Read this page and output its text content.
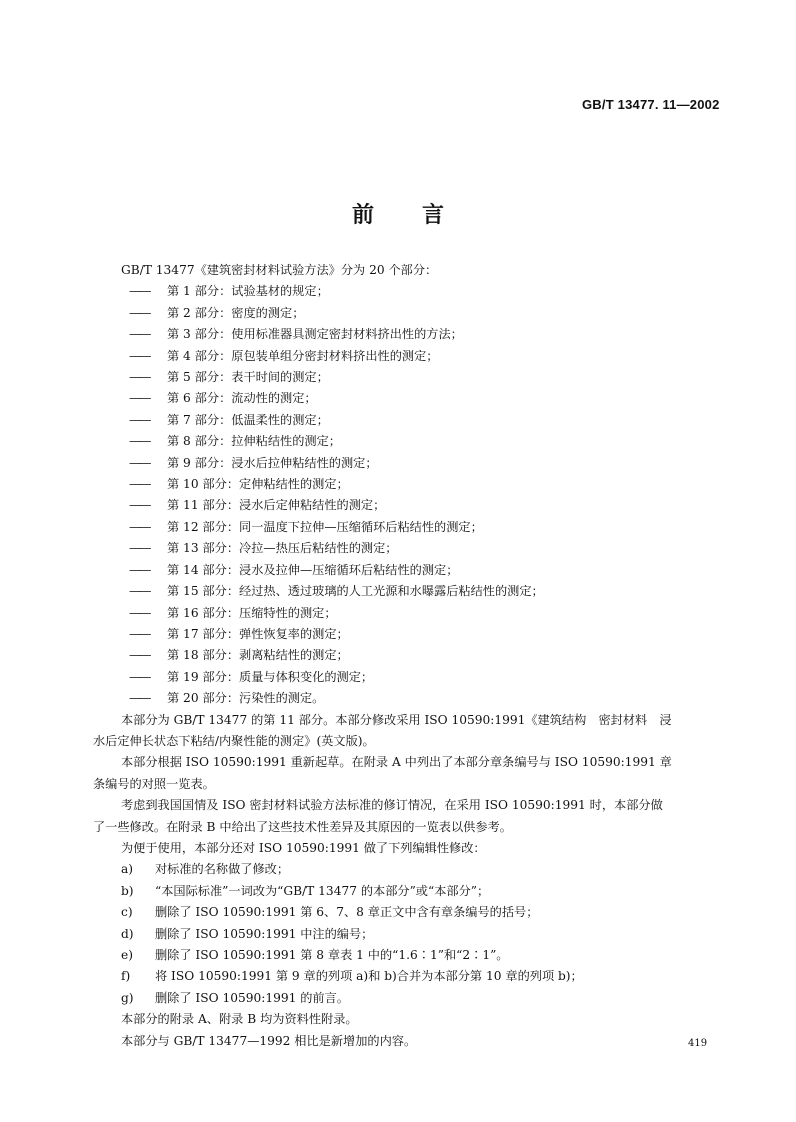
GB/T 13477. 11—2002
前 言
GB/T 13477《建筑密封材料试验方法》分为 20 个部分：
—— 第 1 部分：试验基材的规定；
—— 第 2 部分：密度的测定；
—— 第 3 部分：使用标准器具测定密封材料挤出性的方法；
—— 第 4 部分：原包装单组分密封材料挤出性的测定；
—— 第 5 部分：表干时间的测定；
—— 第 6 部分：流动性的测定；
—— 第 7 部分：低温柔性的测定；
—— 第 8 部分：拉伸粘结性的测定；
—— 第 9 部分：浸水后拉伸粘结性的测定；
—— 第 10 部分：定伸粘结性的测定；
—— 第 11 部分：浸水后定伸粘结性的测定；
—— 第 12 部分：同一温度下拉伸—压缩循环后粘结性的测定；
—— 第 13 部分：冷拉—热压后粘结性的测定；
—— 第 14 部分：浸水及拉伸—压缩循环后粘结性的测定；
—— 第 15 部分：经过热、透过玻璃的人工光源和水曝露后粘结性的测定；
—— 第 16 部分：压缩特性的测定；
—— 第 17 部分：弹性恢复率的测定；
—— 第 18 部分：剥离粘结性的测定；
—— 第 19 部分：质量与体积变化的测定；
—— 第 20 部分：污染性的测定。
本部分为 GB/T 13477 的第 11 部分。本部分修改采用 ISO 10590:1991《建筑结构　密封材料　浸
水后定伸长状态下粘结/内聚性能的测定》(英文版)。
本部分根据 ISO 10590:1991 重新起草。在附录 A 中列出了本部分章条编号与 ISO 10590:1991 章
条编号的对照一览表。
考虑到我国国情及 ISO 密封材料试验方法标准的修订情况，在采用 ISO 10590:1991 时，本部分做
了一些修改。在附录 B 中给出了这些技术性差异及其原因的一览表以供参考。
为便于使用，本部分还对 ISO 10590:1991 做了下列编辑性修改：
a) 对标准的名称做了修改；
b) “本国际标准”一词改为“GB/T 13477 的本部分”或“本部分”；
c) 删除了 ISO 10590:1991 第 6、7、8 章正文中含有章条编号的括号；
d) 删除了 ISO 10590:1991 中注的编号；
e) 删除了 ISO 10590:1991 第 8 章表 1 中的“1.6∶1”和“2∶1”。
f) 将 ISO 10590:1991 第 9 章的列项 a)和 b)合并为本部分第 10 章的列项 b)；
g) 删除了 ISO 10590:1991 的前言。
本部分的附录 A、附录 B 均为资料性附录。
本部分与 GB/T 13477—1992 相比是新增加的内容。	419
